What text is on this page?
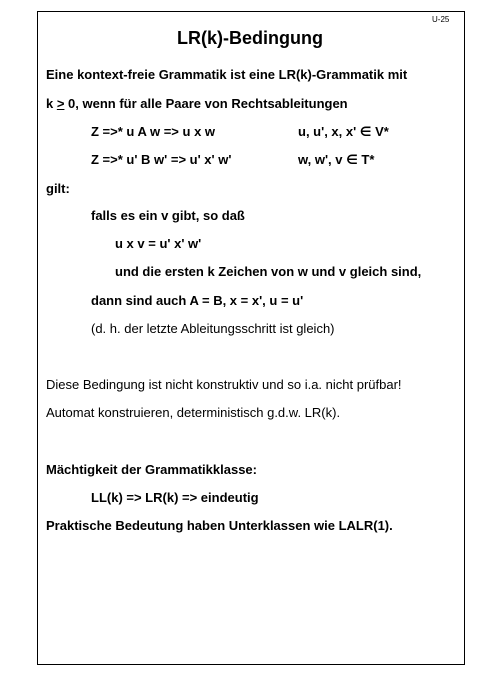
U-25
LR(k)-Bedingung
Eine kontext-freie Grammatik ist eine LR(k)-Grammatik mit
k ≥ 0, wenn für alle Paare von Rechtsableitungen
Z =>* u A w => u x w	u, u', x, x' ∈ V*
Z =>* u' B w' => u' x' w'	w, w', v ∈ T*
gilt:
falls es ein v gibt, so daß
u x v = u' x' w'
und die ersten k Zeichen von w und v gleich sind,
dann sind auch A = B, x = x', u = u'
(d. h. der letzte Ableitungsschritt ist gleich)
Diese Bedingung ist nicht konstruktiv und so i.a. nicht prüfbar!
Automat konstruieren, deterministisch g.d.w. LR(k).
Mächtigkeit der Grammatikklasse:
LL(k) => LR(k) => eindeutig
Praktische Bedeutung haben Unterklassen wie LALR(1).
